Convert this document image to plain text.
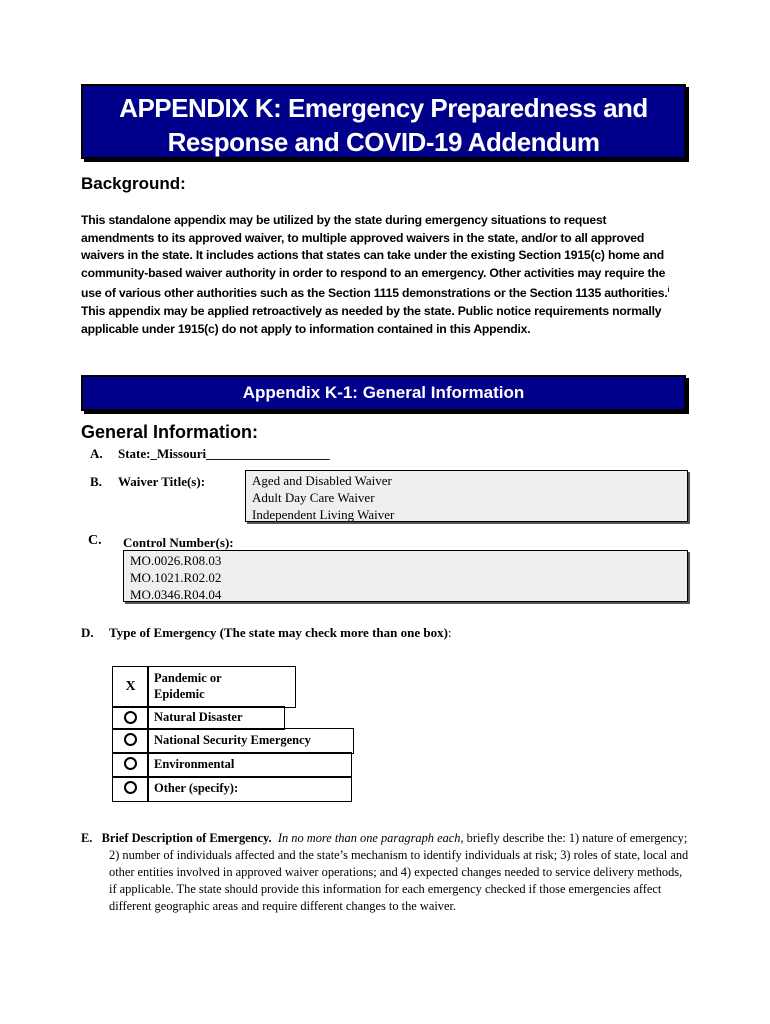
APPENDIX K: Emergency Preparedness and
Response and COVID-19 Addendum
Background:
This standalone appendix may be utilized by the state during emergency situations to request amendments to its approved waiver, to multiple approved waivers in the state, and/or to all approved waivers in the state. It includes actions that states can take under the existing Section 1915(c) home and community-based waiver authority in order to respond to an emergency. Other activities may require the use of various other authorities such as the Section 1115 demonstrations or the Section 1135 authorities.$^i$ This appendix may be applied retroactively as needed by the state. Public notice requirements normally applicable under 1915(c) do not apply to information contained in this Appendix.
Appendix K-1: General Information
General Information:
A. State:_Missouri___________________
B. Waiver Title(s):	Aged and Disabled Waiver
Adult Day Care Waiver
Independent Living Waiver
C. Control Number(s):
MO.0026.R08.03
MO.1021.R02.02
MO.0346.R04.04
D. Type of Emergency (The state may check more than one box):
X
Pandemic or
Epidemic
Natural Disaster
National Security Emergency
Environmental
Other (specify):

E. Brief Description of Emergency. In no more than one paragraph each, briefly describe the: 1) nature of emergency; 2) number of individuals affected and the state’s mechanism to identify individuals at risk; 3) roles of state, local and other entities involved in approved waiver operations; and 4) expected changes needed to service delivery methods, if applicable. The state should provide this information for each emergency checked if those emergencies affect different geographic areas and require different changes to the waiver.
